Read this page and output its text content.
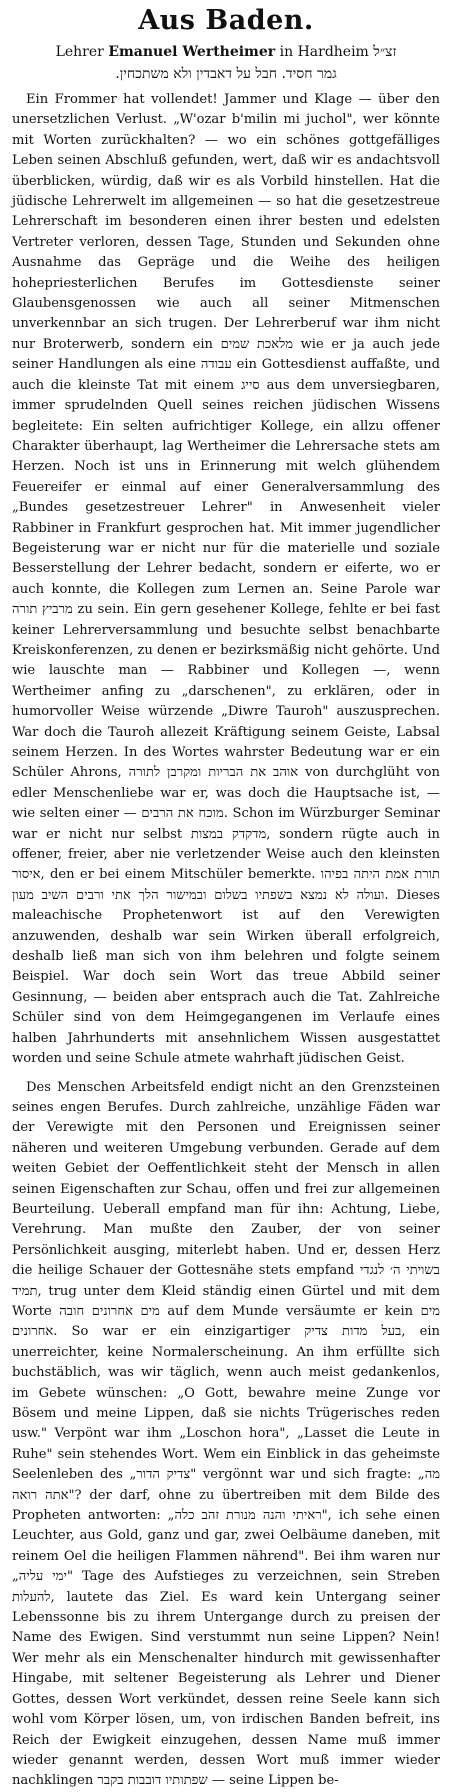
Aus Baden.
Lehrer Emanuel Wertheimer in Hardheim זצ״ל
גמר חסיד. חבל על דאבדין ולא משתכחין.

Ein Frommer hat vollendet! Jammer und Klage — über den unersetzlichen Verlust. „W'ozar b'milin mi juchol", wer könnte mit Worten zurückhalten? — wo ein schönes gottgefälliges Leben seinen Abschluß gefunden, wert, daß wir es andachtsvoll überblicken, würdig, daß wir es als Vorbild hinstellen. Hat die jüdische Lehrerwelt im allgemeinen — so hat die gesetzestreue Lehrerschaft im besonderen einen ihrer besten und edelsten Vertreter verloren, dessen Tage, Stunden und Sekunden ohne Ausnahme das Gepräge und die Weihe des heiligen hohepriesterlichen Berufes im Gottesdienste seiner Glaubensgenossen wie auch all seiner Mitmenschen unverkennbar an sich trugen. Der Lehrerberuf war ihm nicht nur Broterwerb, sondern ein מלאכת שמים wie er ja auch jede seiner Handlungen als eine עבודה ein Gottesdienst auffaßte, und auch die kleinste Tat mit einem סייג aus dem unversiegbaren, immer sprudelnden Quell seines reichen jüdischen Wissens begleitete: Ein selten aufrichtiger Kollege, ein allzu offener Charakter überhaupt, lag Wertheimer die Lehrersache stets am Herzen. Noch ist uns in Erinnerung mit welch glühendem Feuereifer er einmal auf einer Generalversammlung des „Bundes gesetzestreuer Lehrer" in Anwesenheit vieler Rabbiner in Frankfurt gesprochen hat. Mit immer jugendlicher Begeisterung war er nicht nur für die materielle und soziale Besserstellung der Lehrer bedacht, sondern er eiferte, wo er auch konnte, die Kollegen zum Lernen an. Seine Parole war מרביץ תורה zu sein. Ein gern gesehener Kollege, fehlte er bei fast keiner Lehrerversammlung und besuchte selbst benachbarte Kreiskonferenzen, zu denen er bezirksmäßig nicht gehörte. Und wie lauschte man — Rabbiner und Kollegen —, wenn Wertheimer anfing zu „darschenen", zu erklären, oder in humorvoller Weise würzende „Diwre Tauroh" auszusprechen. War doch die Tauroh allezeit Kräftigung seinem Geiste, Labsal seinem Herzen. In des Wortes wahrster Bedeutung war er ein Schüler Ahrons, אוהב את הבריות ומקרבן לתורה von durchglüht von edler Menschenliebe war er, was doch die Hauptsache ist, — wie selten einer — מוכח את הרבים. Schon im Würzburger Seminar war er nicht nur selbst מדקדק במצות, sondern rügte auch in offener, freier, aber nie verletzender Weise auch den kleinsten איסור, den er bei einem Mitschüler bemerkte. תורת אמת היתה בפיהו ועולה לא נמצא בשפתיו בשלום ובמישור הלך אתי ורבים השיב מעון. Dieses maleachische Prophetenwort ist auf den Verewigten anzuwenden, deshalb war sein Wirken überall erfolgreich, deshalb ließ man sich von ihm belehren und folgte seinem Beispiel. War doch sein Wort das treue Abbild seiner Gesinnung, — beiden aber entsprach auch die Tat. Zahlreiche Schüler sind von dem Heimgegangenen im Verlaufe eines halben Jahrhunderts mit ansehnlichem Wissen ausgestattet worden und seine Schule atmete wahrhaft jüdischen Geist.

Des Menschen Arbeitsfeld endigt nicht an den Grenzsteinen seines engen Berufes. Durch zahlreiche, unzählige Fäden war der Verewigte mit den Personen und Ereignissen seiner näheren und weiteren Umgebung verbunden. Gerade auf dem weiten Gebiet der Oeffentlichkeit steht der Mensch in allen seinen Eigenschaften zur Schau, offen und frei zur allgemeinen Beurteilung. Ueberall empfand man für ihn: Achtung, Liebe, Verehrung. Man mußte den Zauber, der von seiner Persönlichkeit ausging, miterlebt haben. Und er, dessen Herz die heilige Schauer der Gottesnähe stets empfand בשויתי ה׳ לנגדי תמיד, trug unter dem Kleid ständig einen Gürtel und mit dem Worte מים אחרונים חובה auf dem Munde versäumte er kein מים אחרונים. So war er ein einzigartiger בעל מדות צדיק, ein unerreichter, keine Normalerscheinung. An ihm erfüllte sich buchstäblich, was wir täglich, wenn auch meist gedankenlos, im Gebete wünschen: „O Gott, bewahre meine Zunge vor Bösem und meine Lippen, daß sie nichts Trügerisches reden usw." Verpönt war ihm „Loschon hora", „Lasset die Leute in Ruhe" sein stehendes Wort. Wem ein Einblick in das geheimste Seelenleben des „צדיק הדור" vergönnt war und sich fragte: „מה אתה רואה"? der darf, ohne zu übertreiben mit dem Bilde des Propheten antworten: „ראיתי והנה מנורת זהב כלה", ich sehe einen Leuchter, aus Gold, ganz und gar, zwei Oelbäume daneben, mit reinem Oel die heiligen Flammen nährend". Bei ihm waren nur „ימי עליה" Tage des Aufstieges zu verzeichnen, sein Streben להעלות, lautete das Ziel. Es ward kein Untergang seiner Lebenssonne bis zu ihrem Untergange durch zu preisen der Name des Ewigen. Sind verstummt nun seine Lippen? Nein! Wer mehr als ein Menschenalter hindurch mit gewissenhafter Hingabe, mit seltener Begeisterung als Lehrer und Diener Gottes, dessen Wort verkündet, dessen reine Seele kann sich wohl vom Körper lösen, um, von irdischen Banden befreit, ins Reich der Ewigkeit einzugehen, dessen Name muß immer wieder genannt werden, dessen Wort muß immer wieder nachklingen שפתותיו דובבות בקבר — seine Lippen be-
